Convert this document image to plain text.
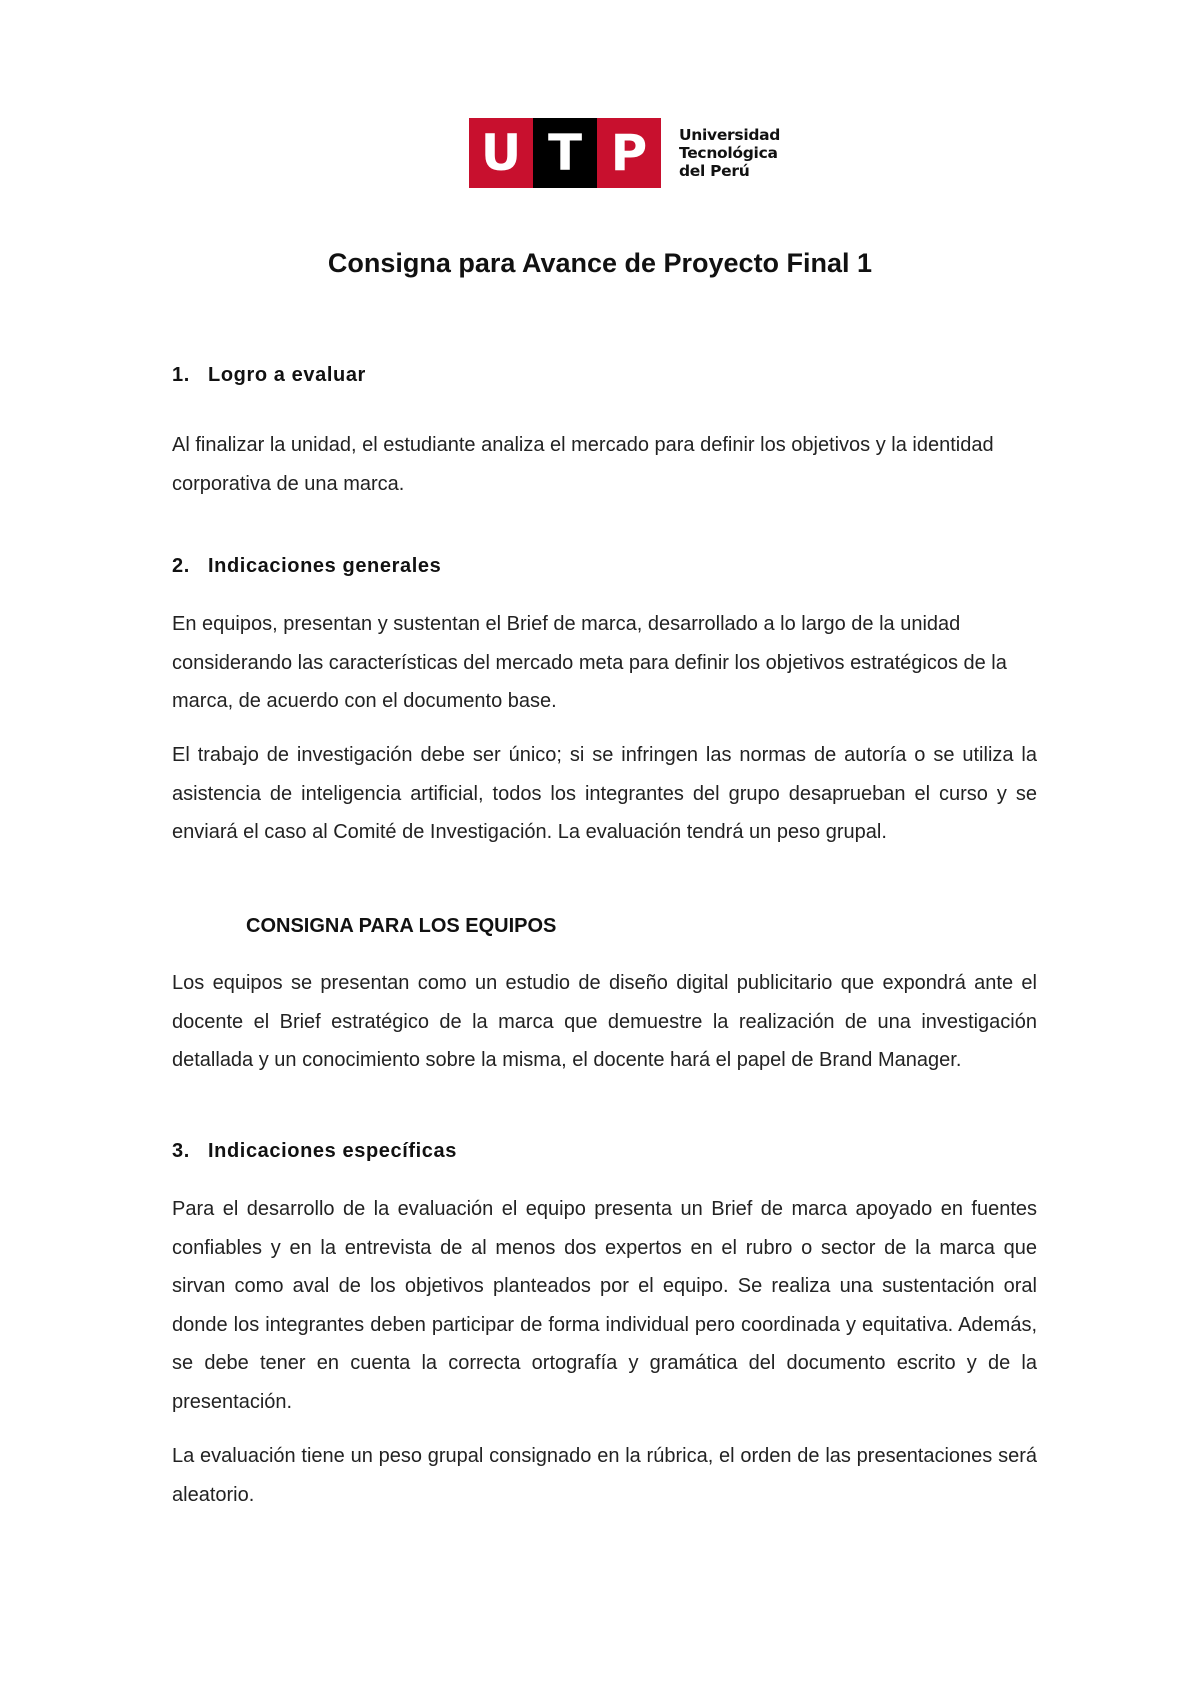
U T P	Universidad
Tecnológica
del Perú
Consigna para Avance de Proyecto Final 1
1. Logro a evaluar

Al finalizar la unidad, el estudiante analiza el mercado para definir los objetivos y la identidad corporativa de una marca.

2. Indicaciones generales

En equipos, presentan y sustentan el Brief de marca, desarrollado a lo largo de la unidad considerando las características del mercado meta para definir los objetivos estratégicos de la marca, de acuerdo con el documento base.

El trabajo de investigación debe ser único; si se infringen las normas de autoría o se utiliza la asistencia de inteligencia artificial, todos los integrantes del grupo desaprueban el curso y se enviará el caso al Comité de Investigación. La evaluación tendrá un peso grupal.

CONSIGNA PARA LOS EQUIPOS

Los equipos se presentan como un estudio de diseño digital publicitario que expondrá ante el docente el Brief estratégico de la marca que demuestre la realización de una investigación detallada y un conocimiento sobre la misma, el docente hará el papel de Brand Manager.

3. Indicaciones específicas

Para el desarrollo de la evaluación el equipo presenta un Brief de marca apoyado en fuentes confiables y en la entrevista de al menos dos expertos en el rubro o sector de la marca que sirvan como aval de los objetivos planteados por el equipo. Se realiza una sustentación oral donde los integrantes deben participar de forma individual pero coordinada y equitativa. Además, se debe tener en cuenta la correcta ortografía y gramática del documento escrito y de la presentación.

La evaluación tiene un peso grupal consignado en la rúbrica, el orden de las presentaciones será aleatorio.
